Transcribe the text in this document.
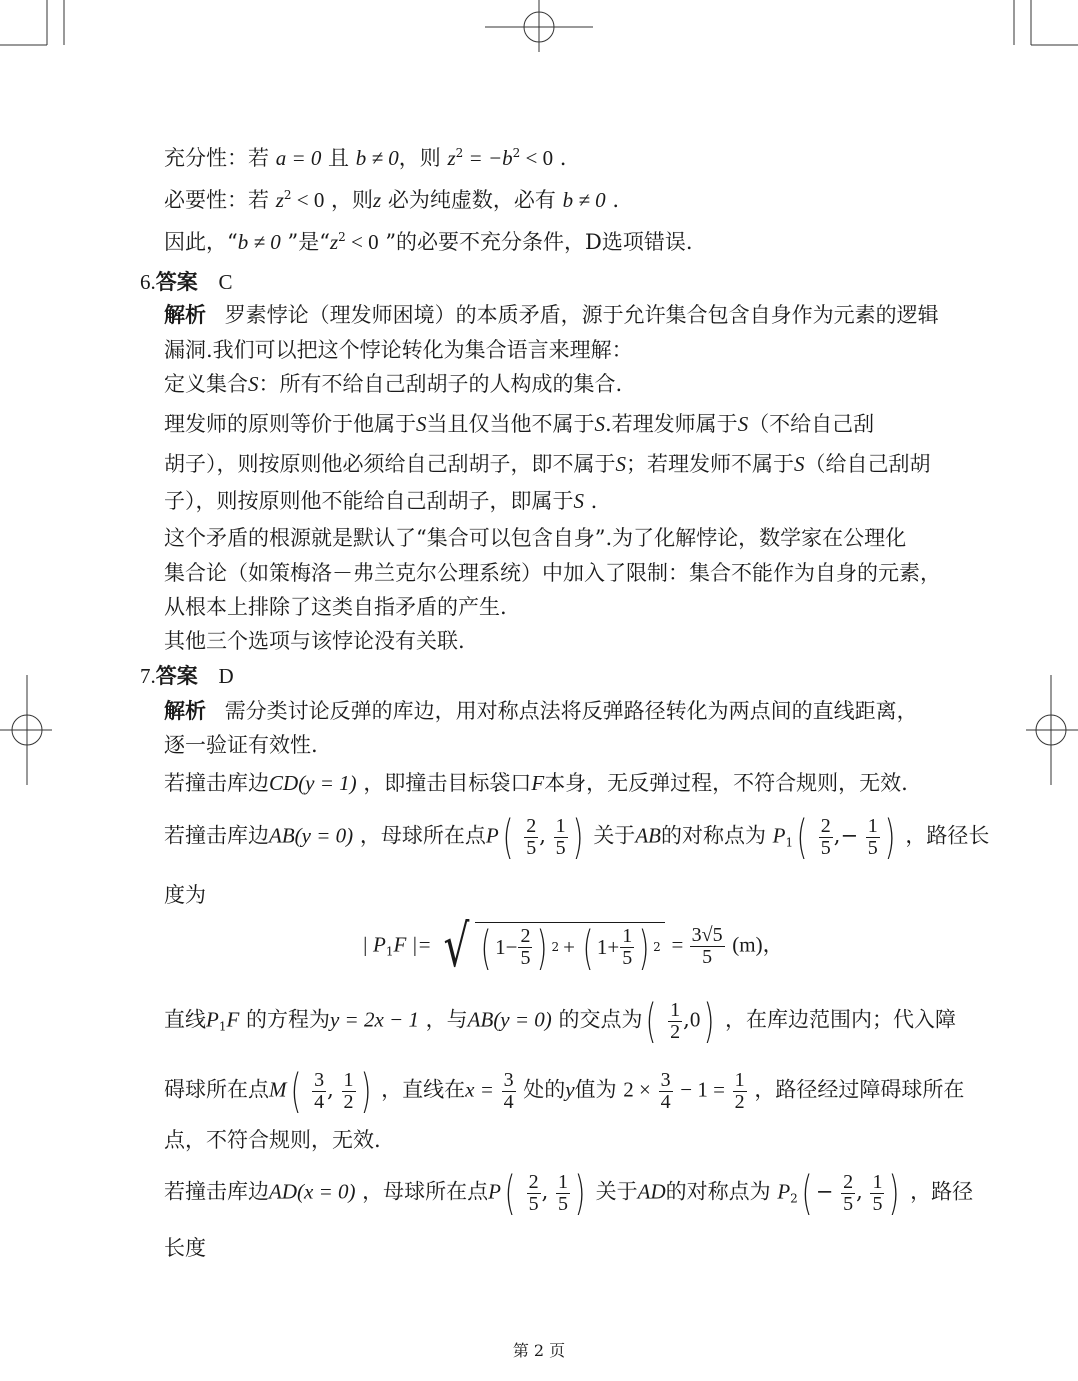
充分性：若 a = 0 且 b ≠ 0，则 $z^2 = -b^2 < 0$ .
必要性：若 $z^2 < 0$ ，则z 必为纯虚数，必有 b ≠ 0 .
因此，“b ≠ 0 ”是“$z^2 < 0$ ”的必要不充分条件，D选项错误.
6.答案 C
解析 罗素悖论（理发师困境）的本质矛盾，源于允许集合包含自身作为元素的逻辑
漏洞.我们可以把这个悖论转化为集合语言来理解：
定义集合S：所有不给自己刮胡子的人构成的集合.
理发师的原则等价于他属于S当且仅当他不属于S.若理发师属于S（不给自己刮
胡子），则按原则他必须给自己刮胡子，即不属于S；若理发师不属于S（给自己刮胡
子），则按原则他不能给自己刮胡子，即属于S .
这个矛盾的根源就是默认了“集合可以包含自身”.为了化解悖论，数学家在公理化
集合论（如策梅洛－弗兰克尔公理系统）中加入了限制：集合不能作为自身的元素，
从根本上排除了这类自指矛盾的产生.
其他三个选项与该悖论没有关联.
7.答案 D
解析 需分类讨论反弹的库边，用对称点法将反弹路径转化为两点间的直线距离，
逐一验证有效性.
若撞击库边CD(y = 1) ，即撞击目标袋口F本身，无反弹过程，不符合规则，无效.
若撞击库边AB(y = 0) ，母球所在点$P( \frac{2}{5}$ , $\frac{1}{5}$ ) 关于AB的对称点为 $P_1( \frac{2}{5}$ ,− $\frac{1}{5}$ ) ，路径长
度为
| $P_1F$ |= √ ( $1 - \frac{2}{5}$ ) 2 + ( $1 + \frac{1}{5}$ ) $2 = \frac{3√5}{5} (m)$，
直线$P_1F$ 的方程为y = 2x − 1 ，与AB(y = 0) 的交点为( $\frac{1}{2} ,0$) ，在库边范围内；代入障
碍球所在点$M( \frac{3}{4}$ , $\frac{1}{2}$ ) ，直线在$x = \frac{3}{4}$ 处的y值为 $2 \times \frac{3}{4} - 1 = \frac{1}{2}$ ，路径经过障碍球所在
点，不符合规则，无效.
若撞击库边AD(x = 0) ，母球所在点$P( \frac{2}{5}$ , $\frac{1}{5}$ ) 关于AD的对称点为 $P_2( - \frac{2}{5}$ , $\frac{1}{5}$ ) ，路径
长度
第 2 页
